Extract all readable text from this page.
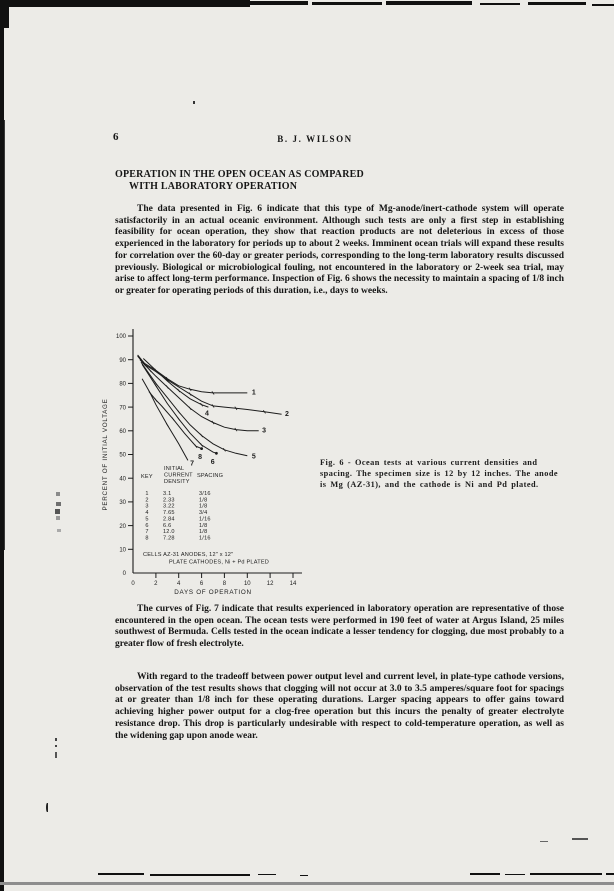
6	B. J. WILSON
OPERATION IN THE OPEN OCEAN AS COMPARED
WITH LABORATORY OPERATION
The data presented in Fig. 6 indicate that this type of Mg-anode/inert-cathode system will operate satisfactorily in an actual oceanic environment. Although such tests are only a first step in establishing feasibility for ocean operation, they show that reaction products are not deleterious in excess of those experienced in the laboratory for periods up to about 2 weeks. Imminent ocean trials will expand these results for correlation over the 60-day or greater periods, corresponding to the long-term laboratory results discussed previously. Biological or microbiological fouling, not encountered in the laboratory or 2-week sea trial, may arise to affect long-term performance. Inspection of Fig. 6 shows the necessity to maintain a spacing of 1/8 inch or greater for operating periods of this duration, i.e., days to weeks.
0
10
20
30
40
50
60
70
80
90
100
0	2	4	6	8	10	12	14
DAYS OF OPERATION
PERCENT OF INITIAL VOLTAGE
1
2
3
4
5
6
7
8
KEY
INITIAL
CURRENT
DENSITY
SPACING
1	3.1	3/16
2	2.33	1/8
3	3.22	1/8
4	7.65	3/4
5	2.84	1/16
6	6.6	1/8
7	12.0	1/8
8	7.28	1/16
CELLS AZ-31 ANODES, 12" x 12"
PLATE CATHODES, Ni + Pd PLATED
Fig. 6 - Ocean tests at various current densities and spacing. The specimen size is 12 by 12 inches. The anode is Mg (AZ-31), and the cathode is Ni and Pd plated.
The curves of Fig. 7 indicate that results experienced in laboratory operation are representative of those encountered in the open ocean. The ocean tests were performed in 190 feet of water at Argus Island, 25 miles southwest of Bermuda. Cells tested in the ocean indicate a lesser tendency for clogging, due most probably to a greater flow of fresh electrolyte.
With regard to the tradeoff between power output level and current level, in plate-type cathode versions, observation of the test results shows that clogging will not occur at 3.0 to 3.5 amperes/square foot for spacings at or greater than 1/8 inch for these operating durations. Larger spacing appears to offer gains toward achieving higher power output for a clog-free operation but this incurs the penalty of greater electrolyte resistance drop. This drop is particularly undesirable with respect to cold-temperature operation, as well as the widening gap upon anode wear.
